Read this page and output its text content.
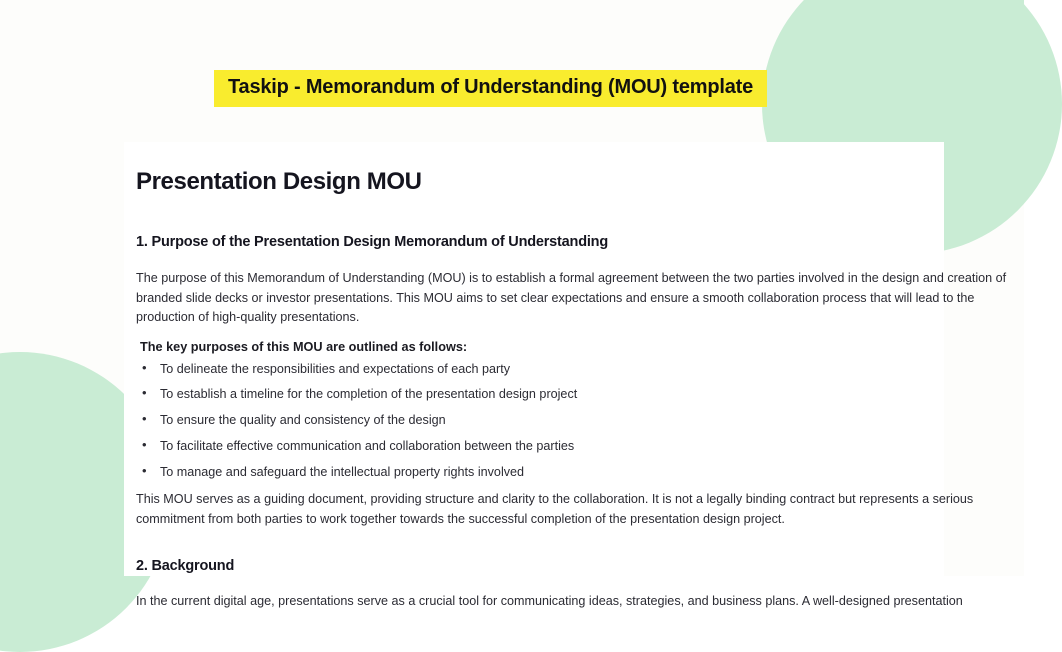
Taskip - Memorandum of Understanding (MOU) template
Presentation Design MOU
1. Purpose of the Presentation Design Memorandum of Understanding
The purpose of this Memorandum of Understanding (MOU) is to establish a formal agreement between the two parties involved in the design and creation of branded slide decks or investor presentations. This MOU aims to set clear expectations and ensure a smooth collaboration process that will lead to the production of high-quality presentations.
The key purposes of this MOU are outlined as follows:
• To delineate the responsibilities and expectations of each party
• To establish a timeline for the completion of the presentation design project
• To ensure the quality and consistency of the design
• To facilitate effective communication and collaboration between the parties
• To manage and safeguard the intellectual property rights involved
This MOU serves as a guiding document, providing structure and clarity to the collaboration. It is not a legally binding contract but represents a serious commitment from both parties to work together towards the successful completion of the presentation design project.
2. Background
In the current digital age, presentations serve as a crucial tool for communicating ideas, strategies, and business plans. A well-designed presentation
